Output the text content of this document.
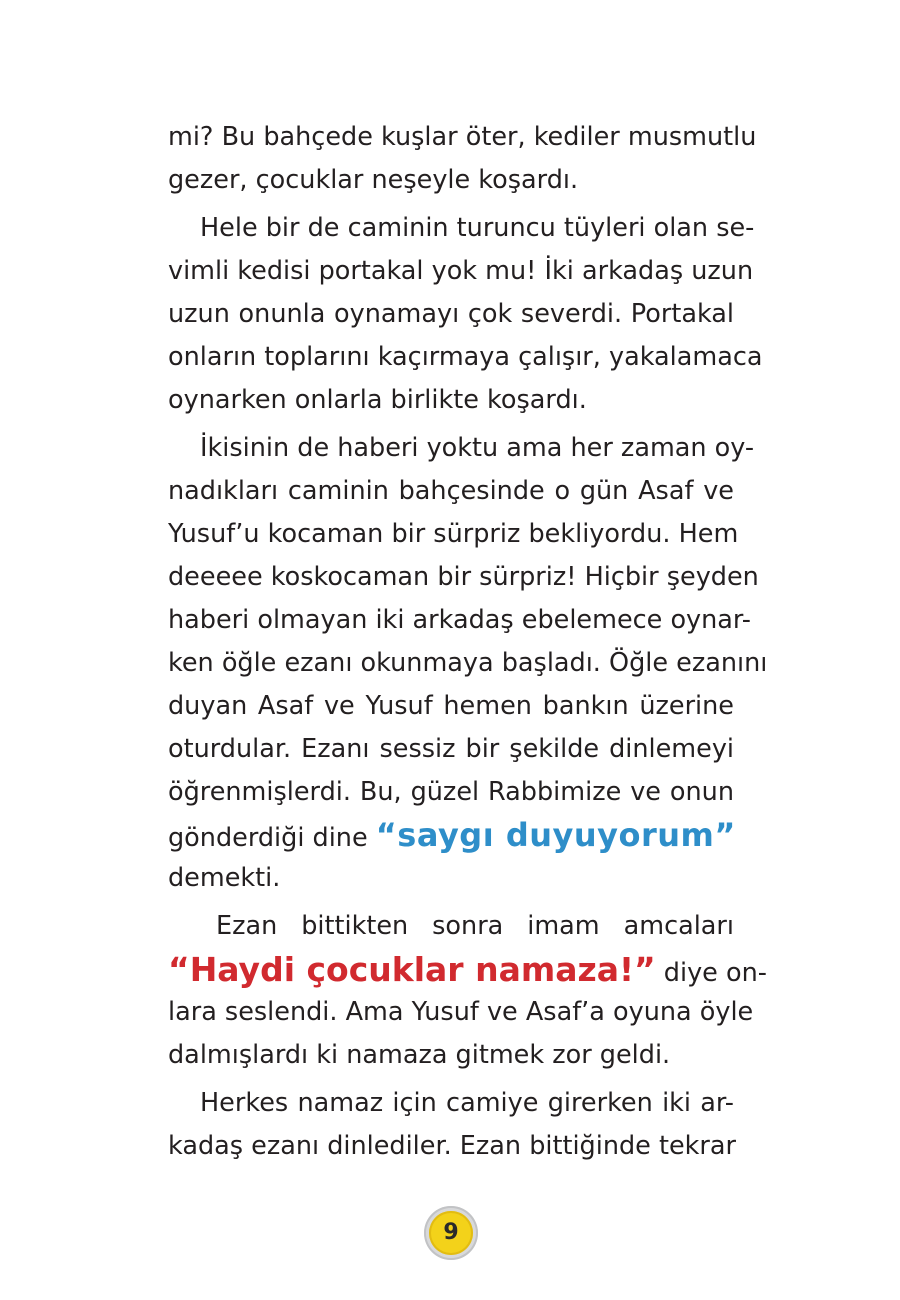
mi? Bu bahçede kuşlar öter, kediler musmutlu
gezer, çocuklar neşeyle koşardı.
Hele bir de caminin turuncu tüyleri olan se-
vimli kedisi portakal yok mu! İki arkadaş uzun
uzun onunla oynamayı çok severdi. Portakal
onların toplarını kaçırmaya çalışır, yakalamaca
oynarken onlarla birlikte koşardı.
İkisinin de haberi yoktu ama her zaman oy-
nadıkları caminin bahçesinde o gün Asaf ve
Yusuf’u kocaman bir sürpriz bekliyordu. Hem
deeeee koskocaman bir sürpriz! Hiçbir şeyden
haberi olmayan iki arkadaş ebelemece oynar-
ken öğle ezanı okunmaya başladı. Öğle ezanını
duyan Asaf ve Yusuf hemen bankın üzerine
oturdular. Ezanı sessiz bir şekilde dinlemeyi
öğrenmişlerdi. Bu, güzel Rabbimize ve onun
gönderdiği dine “saygı duyuyorum”
demekti.
Ezan bittikten sonra imam amcaları
“Haydi çocuklar namaza!” diye on-
lara seslendi. Ama Yusuf ve Asaf’a oyuna öyle
dalmışlardı ki namaza gitmek zor geldi.
Herkes namaz için camiye girerken iki ar-
kadaş ezanı dinlediler. Ezan bittiğinde tekrar
9
